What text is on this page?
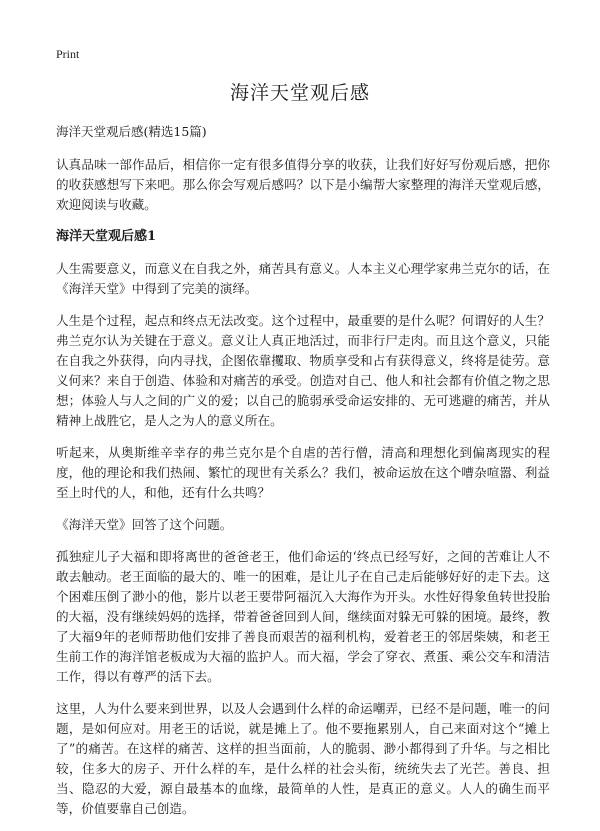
Print
海洋天堂观后感
海洋天堂观后感(精选15篇)

认真品味一部作品后，相信你一定有很多值得分享的收获，让我们好好写份观后感，把你的收获感想写下来吧。那么你会写观后感吗？以下是小编帮大家整理的海洋天堂观后感，欢迎阅读与收藏。

海洋天堂观后感1

人生需要意义，而意义在自我之外，痛苦具有意义。人本主义心理学家弗兰克尔的话，在《海洋天堂》中得到了完美的演绎。

人生是个过程，起点和终点无法改变。这个过程中，最重要的是什么呢？何谓好的人生？弗兰克尔认为关键在于意义。意义让人真正地活过，而非行尸走肉。而且这个意义，只能在自我之外获得，向内寻找，企图依靠攫取、物质享受和占有获得意义，终将是徒劳。意义何来？来自于创造、体验和对痛苦的承受。创造对自己、他人和社会都有价值之物之思想；体验人与人之间的广义的爱；以自己的脆弱承受命运安排的、无可逃避的痛苦，并从精神上战胜它，是人之为人的意义所在。

听起来，从奥斯维辛幸存的弗兰克尔是个自虐的苦行僧，清高和理想化到偏离现实的程度，他的理论和我们热闹、繁忙的现世有关系么？我们，被命运放在这个嘈杂喧嚣、利益至上时代的人，和他，还有什么共鸣？

《海洋天堂》回答了这个问题。

孤独症儿子大福和即将离世的爸爸老王，他们命运的‘终点已经写好，之间的苦难让人不敢去触动。老王面临的最大的、唯一的困难，是让儿子在自己走后能够好好的走下去。这个困难压倒了渺小的他，影片以老王要带阿福沉入大海作为开头。水性好得象鱼转世投胎的大福，没有继续妈妈的选择，带着爸爸回到人间，继续面对躲无可躲的困境。最终，教了大福9年的老师帮助他们安排了善良而艰苦的福利机构，爱着老王的邻居柴姨，和老王生前工作的海洋馆老板成为大福的监护人。而大福，学会了穿衣、煮蛋、乘公交车和清洁工作，得以有尊严的活下去。

这里，人为什么要来到世界，以及人会遇到什么样的命运嘲弄，已经不是问题，唯一的问题，是如何应对。用老王的话说，就是摊上了。他不要拖累别人，自己来面对这个“摊上了”的痛苦。在这样的痛苦、这样的担当面前，人的脆弱、渺小都得到了升华。与之相比较，住多大的房子、开什么样的车，是什么样的社会头衔，统统失去了光芒。善良、担当、隐忍的大爱，源自最基本的血缘，最简单的人性，是真正的意义。人人的确生而平等，价值要靠自己创造。
